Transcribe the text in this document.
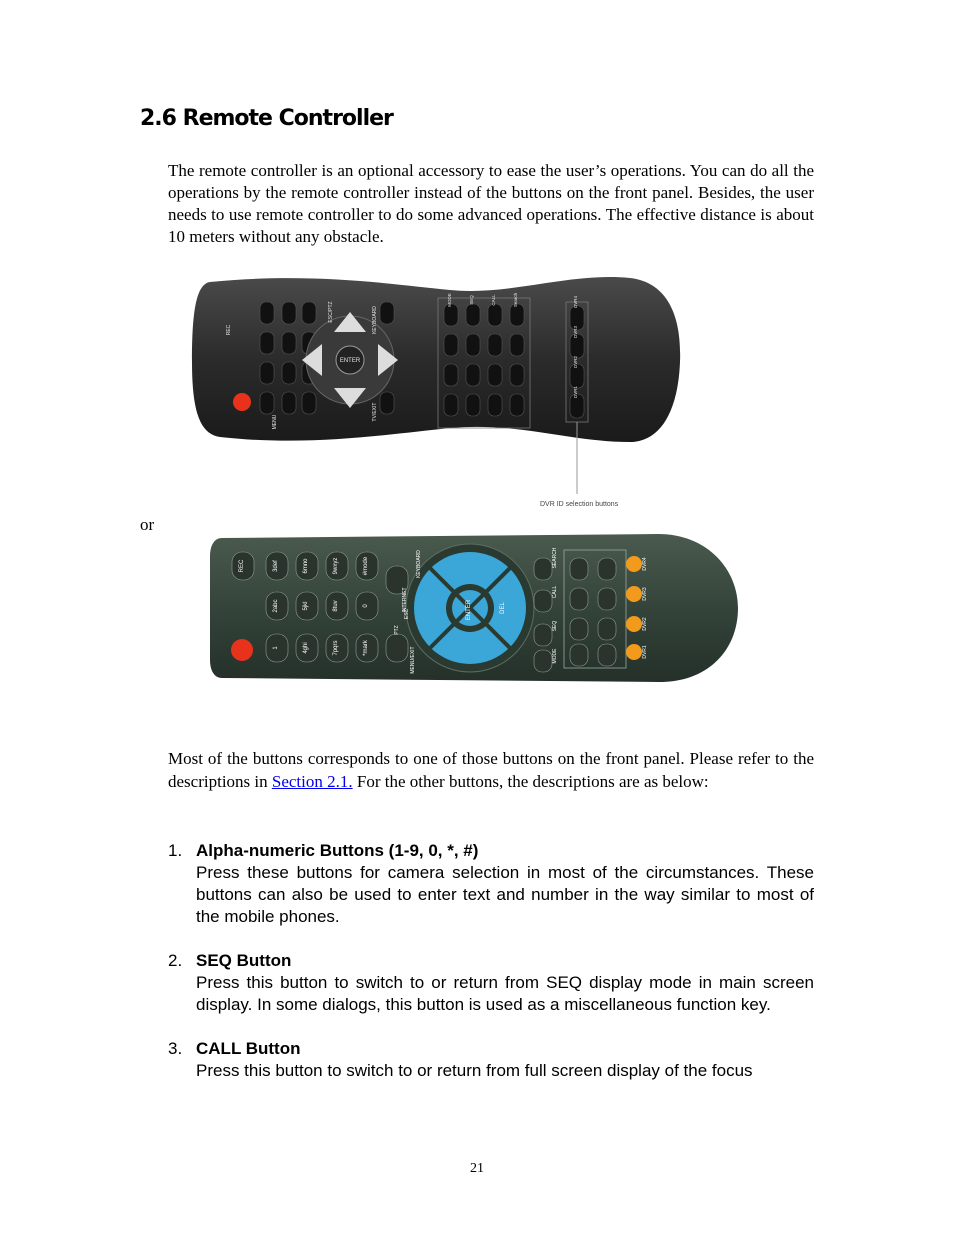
2.6 Remote Controller

The remote controller is an optional accessory to ease the user’s operations. You can do all the operations by the remote controller instead of the buttons on the front panel. Besides, the user needs to use remote controller to do some advanced operations. The effective distance is about 10 meters without any obstacle.

DVR ID selection buttons
REC
ESC/PTZ	KEYBOARD
MENU
TV/EXIT
ENTER
MODE	SEQ	CALL	Search	DVR4
DVR3
DVR2
DVR1

or

REC	3def	6mno	9wxyz	#mode
2abc	5jkl	8tuv	0
1	4ghi	7pqrs	*mark
KEYBOARD
INTERNET
ESC
PTZ
MENU/EXIT
ENTER	DEL
SEARCH
CALL
SEQ
MODE
DVR4
DVR3
DVR2
DVR1

Most of the buttons corresponds to one of those buttons on the front panel. Please refer to the descriptions in Section 2.1. For the other buttons, the descriptions are as below:

1. Alpha-numeric Buttons (1-9, 0, *, #)
Press these buttons for camera selection in most of the circumstances. These buttons can also be used to enter text and number in the way similar to most of the mobile phones.
2. SEQ Button
Press this button to switch to or return from SEQ display mode in main screen display. In some dialogs, this button is used as a miscellaneous function key.
3. CALL Button
Press this button to switch to or return from full screen display of the focus

21
